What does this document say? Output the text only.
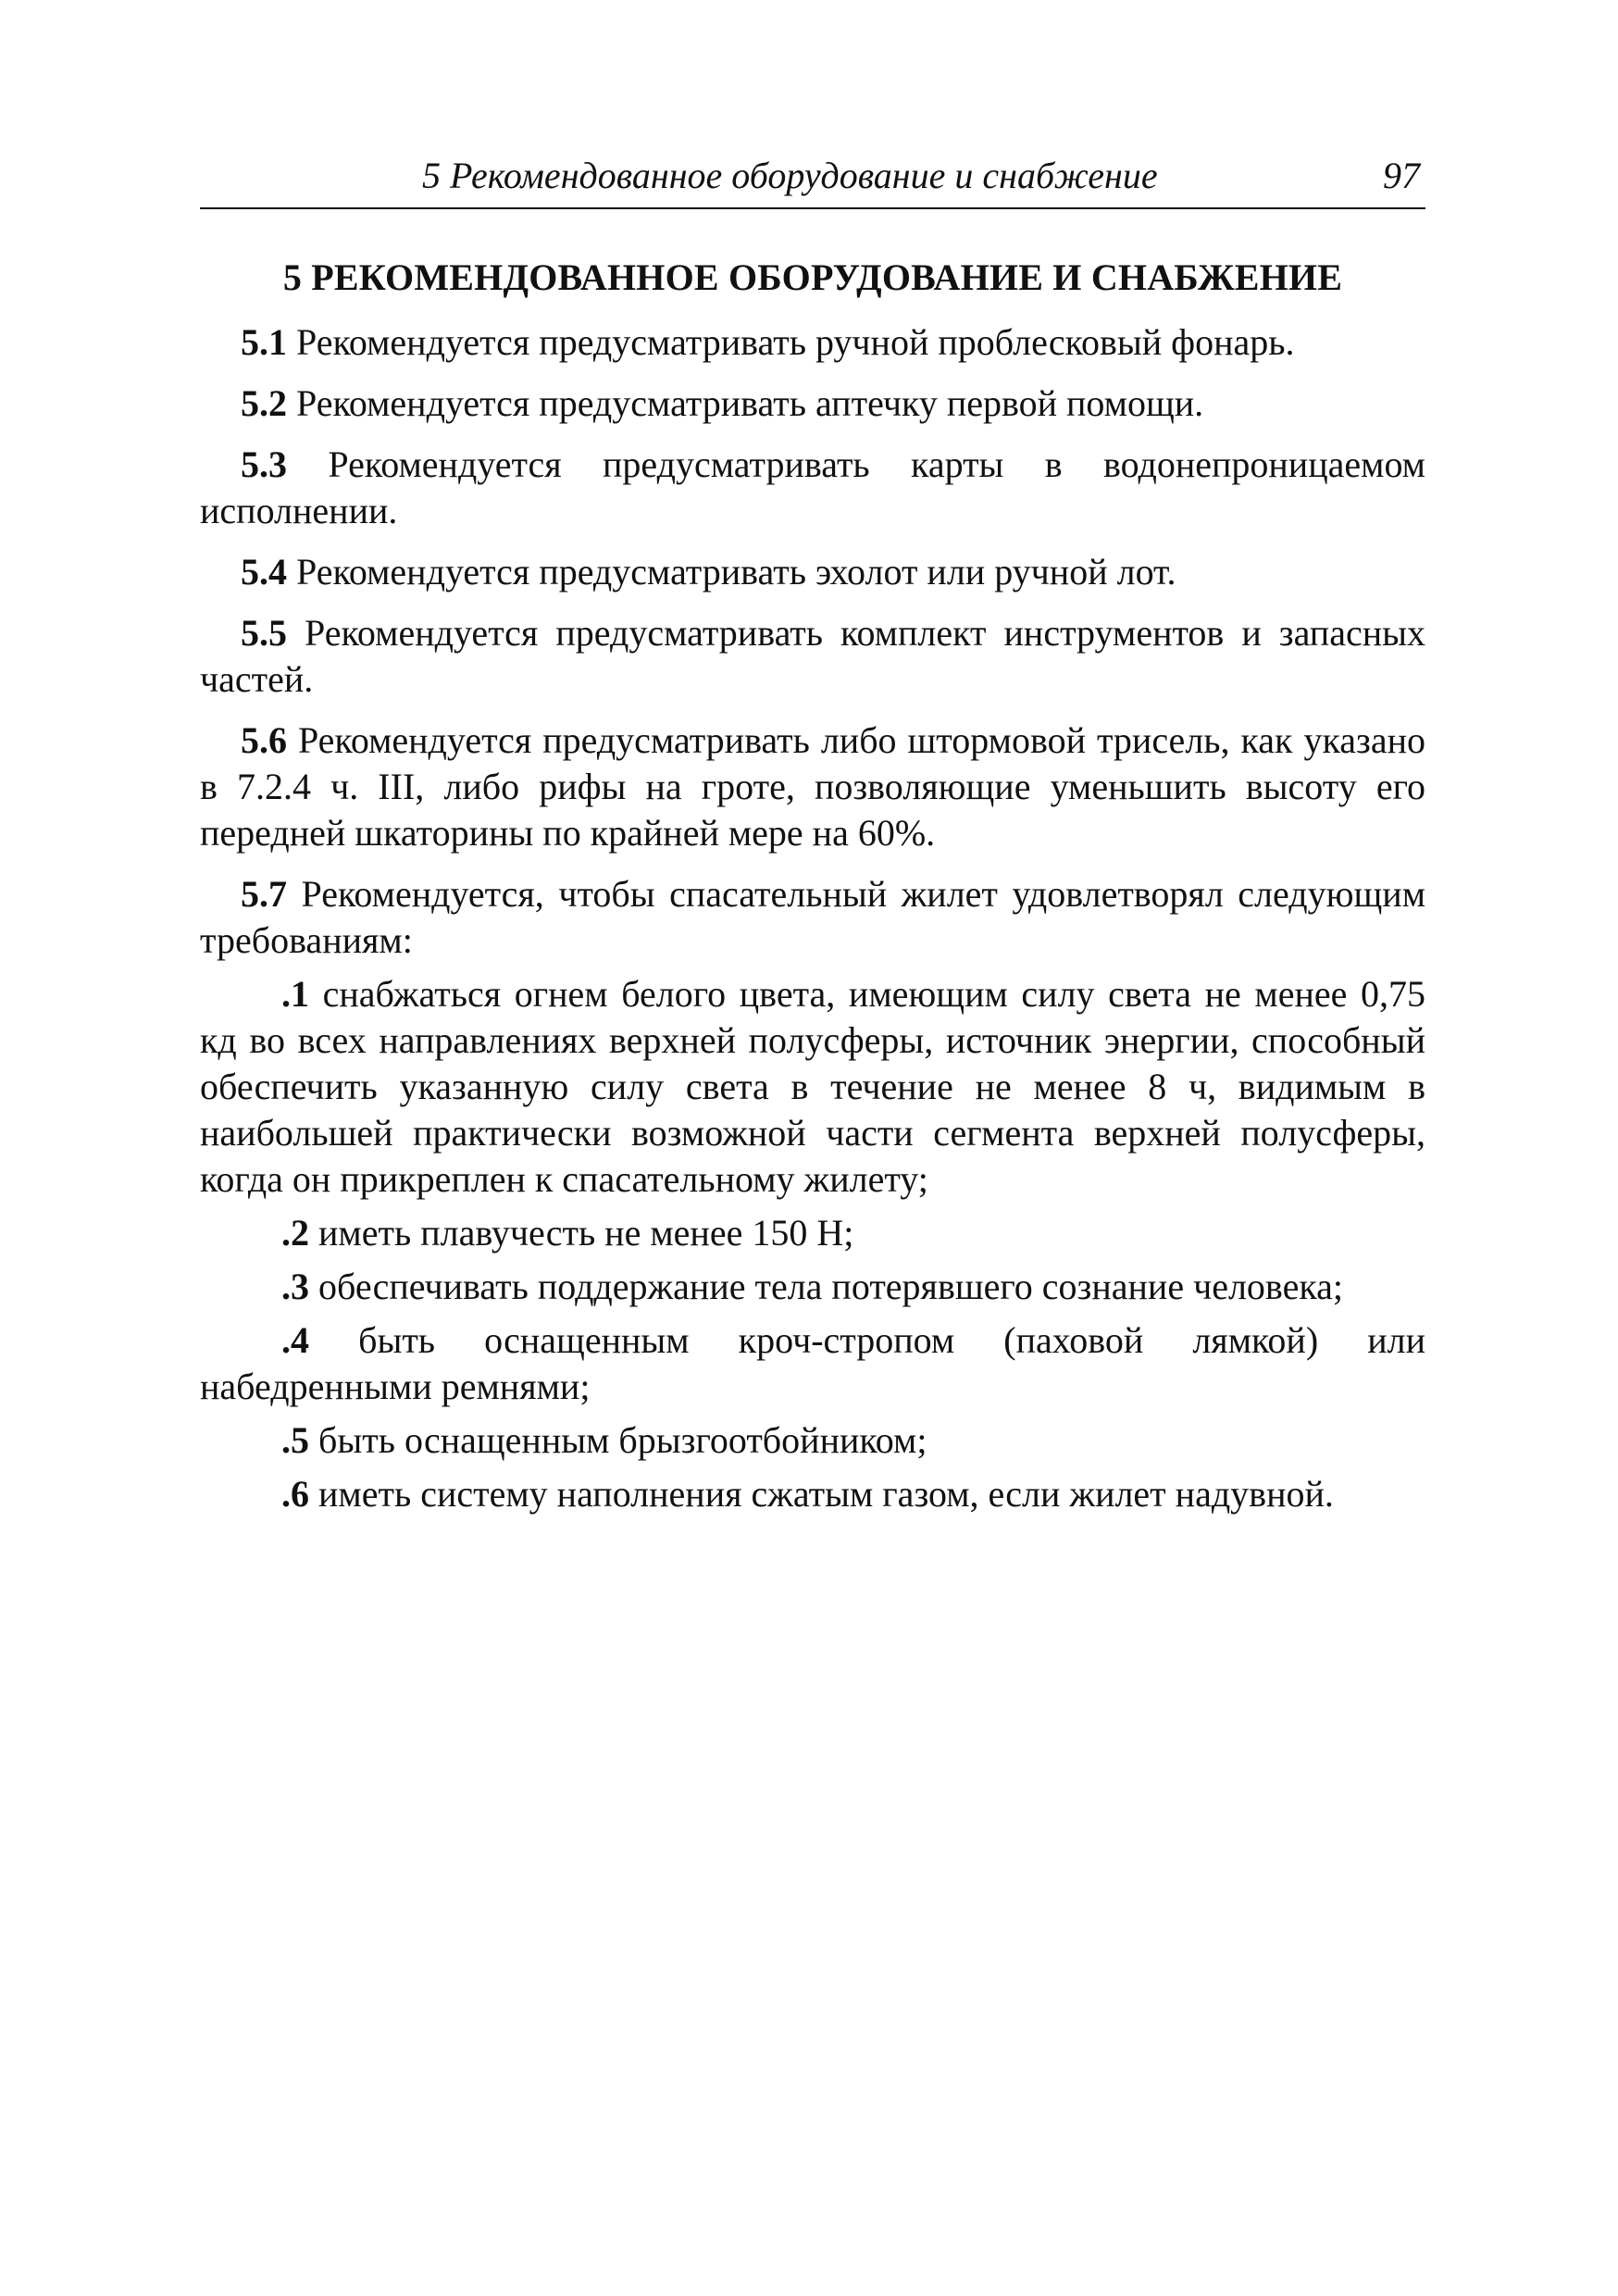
5 Рекомендованное оборудование и снабжение	97
5 РЕКОМЕНДОВАННОЕ ОБОРУДОВАНИЕ И СНАБЖЕНИЕ

5.1 Рекомендуется предусматривать ручной проблесковый фонарь.

5.2 Рекомендуется предусматривать аптечку первой помощи.

5.3 Рекомендуется предусматривать карты в водонепроницаемом исполнении.

5.4 Рекомендуется предусматривать эхолот или ручной лот.

5.5 Рекомендуется предусматривать комплект инструментов и запасных частей.

5.6 Рекомендуется предусматривать либо штормовой трисель, как указано в 7.2.4 ч. III, либо рифы на гроте, позволяющие уменьшить высоту его передней шкаторины по крайней мере на 60%.

5.7 Рекомендуется, чтобы спасательный жилет удовлетворял следующим требованиям:

.1 снабжаться огнем белого цвета, имеющим силу света не менее 0,75 кд во всех направлениях верхней полусферы, источник энергии, способный обеспечить указанную силу света в течение не менее 8 ч, видимым в наибольшей практически возможной части сегмента верхней полусферы, когда он прикреплен к спасательному жилету;

.2 иметь плавучесть не менее 150 Н;

.3 обеспечивать поддержание тела потерявшего сознание человека;

.4 быть оснащенным кроч-стропом (паховой лямкой) или набедренными ремнями;

.5 быть оснащенным брызгоотбойником;

.6 иметь систему наполнения сжатым газом, если жилет надувной.
